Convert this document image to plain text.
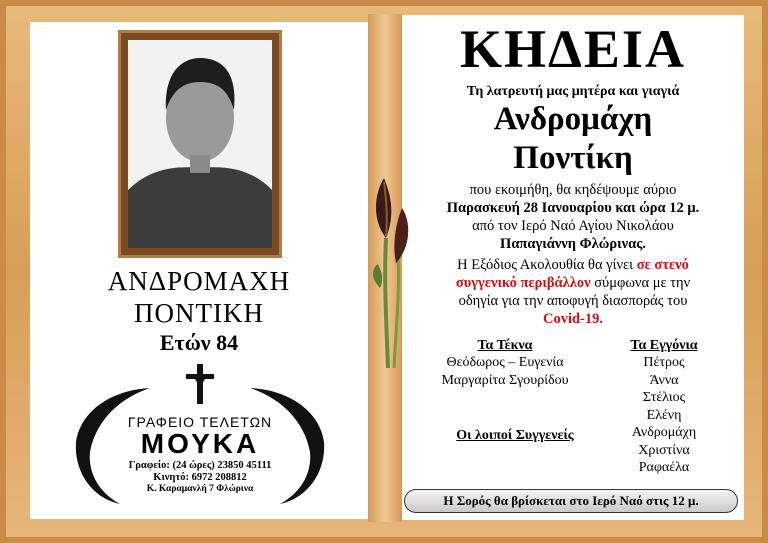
ΑΝΔΡΟΜΑΧΗ
ΠΟΝΤΙΚΗ
Ετών 84
ΓΡΑΦΕΙΟ ΤΕΛΕΤΩΝ
ΜΟΥΚΑ
Γραφείο: (24 ώρες) 23850 45111
Κινητό: 6972 208812
Κ. Καραμανλή 7 Φλώρινα
ΚΗΔΕΙΑ
Τη λατρευτή μας μητέρα και γιαγιά
Ανδρομάχη
Ποντίκη
που εκοιμήθη, θα κηδέψουμε αύριο
Παρασκευή 28 Ιανουαρίου και ώρα 12 μ.
από τον Ιερό Ναό Αγίου Νικολάου
Παπαγιάννη Φλώρινας.
Η Εξόδιος Ακολουθία θα γίνει σε στενό
συγγενικό περιβάλλον σύμφωνα με την
οδηγία για την αποφυγή διασποράς του
Covid-19.
Τα Τέκνα
Θεόδωρος – Ευγενία
Μαργαρίτα Σγουρίδου
Οι λοιποί Συγγενείς
Τα Εγγόνια
Πέτρος
Άννα
Στέλιος
Ελένη
Ανδρομάχη
Χριστίνα
Ραφαέλα
Η Σορός θα βρίσκεται στο Ιερό Ναό στις 12 μ.
